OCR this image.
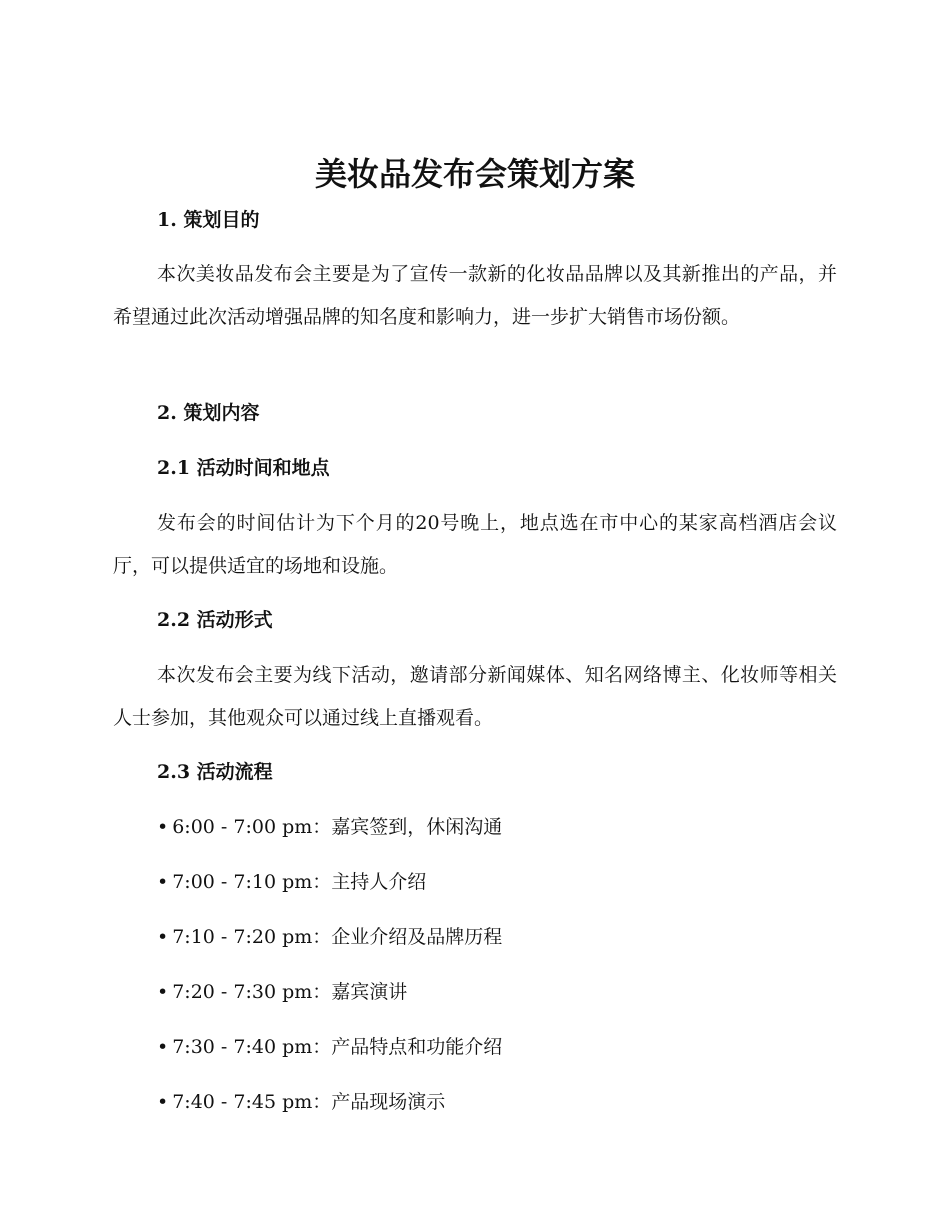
美妆品发布会策划方案
1. 策划目的

本次美妆品发布会主要是为了宣传一款新的化妆品品牌以及其新推出的产品，并希望通过此次活动增强品牌的知名度和影响力，进一步扩大销售市场份额。

2. 策划内容
2.1 活动时间和地点

发布会的时间估计为下个月的20号晚上，地点选在市中心的某家高档酒店会议厅，可以提供适宜的场地和设施。

2.2 活动形式

本次发布会主要为线下活动，邀请部分新闻媒体、知名网络博主、化妆师等相关人士参加，其他观众可以通过线上直播观看。

2.3 活动流程

• 6:00 - 7:00 pm：嘉宾签到，休闲沟通

• 7:00 - 7:10 pm：主持人介绍

• 7:10 - 7:20 pm：企业介绍及品牌历程

• 7:20 - 7:30 pm：嘉宾演讲

• 7:30 - 7:40 pm：产品特点和功能介绍

• 7:40 - 7:45 pm：产品现场演示
